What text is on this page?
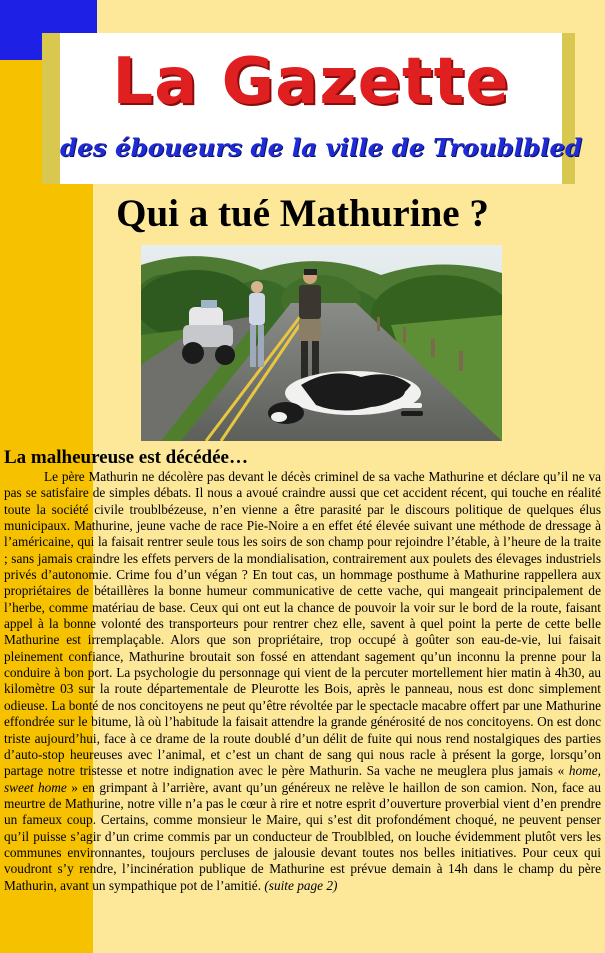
La Gazette
des éboueurs de la ville de Troublbled
Qui a tué Mathurine ?
La malheureuse est décédée…

Le père Mathurin ne décolère pas devant le décès criminel de sa vache Mathurine et déclare qu’il ne va pas se satisfaire de simples débats. Il nous a avoué craindre aussi que cet accident récent, qui touche en réalité toute la société civile troublbézeuse, n’en vienne a être parasité par le discours politique de quelques élus municipaux. Mathurine, jeune vache de race Pie-Noire a en effet été élevée suivant une méthode de dressage à l’américaine, qui la faisait rentrer seule tous les soirs de son champ pour rejoindre l’étable, à l’heure de la traite ; sans jamais craindre les effets pervers de la mondialisation, contrairement aux poulets des élevages industriels privés d’autonomie. Crime fou d’un végan ? En tout cas, un hommage posthume à Mathurine rappellera aux propriétaires de bétaillères la bonne humeur communicative de cette vache, qui mangeait principalement de l’herbe, comme matériau de base. Ceux qui ont eut la chance de pouvoir la voir sur le bord de la route, faisant appel à la bonne volonté des transporteurs pour rentrer chez elle, savent à quel point la perte de cette belle Mathurine est irremplaçable. Alors que son propriétaire, trop occupé à goûter son eau-de-vie, lui faisait pleinement confiance, Mathurine broutait son fossé en attendant sagement qu’un inconnu la prenne pour la conduire à bon port. La psychologie du personnage qui vient de la percuter mortellement hier matin à 4h30, au kilomètre 03 sur la route départementale de Pleurotte les Bois, après le panneau, nous est donc simplement odieuse. La bonté de nos concitoyens ne peut qu’être révoltée par le spectacle macabre offert par une Mathurine effondrée sur le bitume, là où l’habitude la faisait attendre la grande générosité de nos concitoyens. On est donc triste aujourd’hui, face à ce drame de la route doublé d’un délit de fuite qui nous rend nostalgiques des parties d’auto-stop heureuses avec l’animal, et c’est un chant de sang qui nous racle à présent la gorge, lorsqu’on partage notre tristesse et notre indignation avec le père Mathurin. Sa vache ne meuglera plus jamais « home, sweet home » en grimpant à l’arrière, avant qu’un généreux ne relève le haillon de son camion. Non, face au meurtre de Mathurine, notre ville n’a pas le cœur à rire et notre esprit d’ouverture proverbial vient d’en prendre un fameux coup. Certains, comme monsieur le Maire, qui s’est dit profondément choqué, ne peuvent penser qu’il puisse s’agir d’un crime commis par un conducteur de Troublbled, on louche évidemment plutôt vers les communes environnantes, toujours percluses de jalousie devant toutes nos belles initiatives. Pour ceux qui voudront s’y rendre, l’incinération publique de Mathurine est prévue demain à 14h dans le champ du père Mathurin, avant un sympathique pot de l’amitié. (suite page 2)
